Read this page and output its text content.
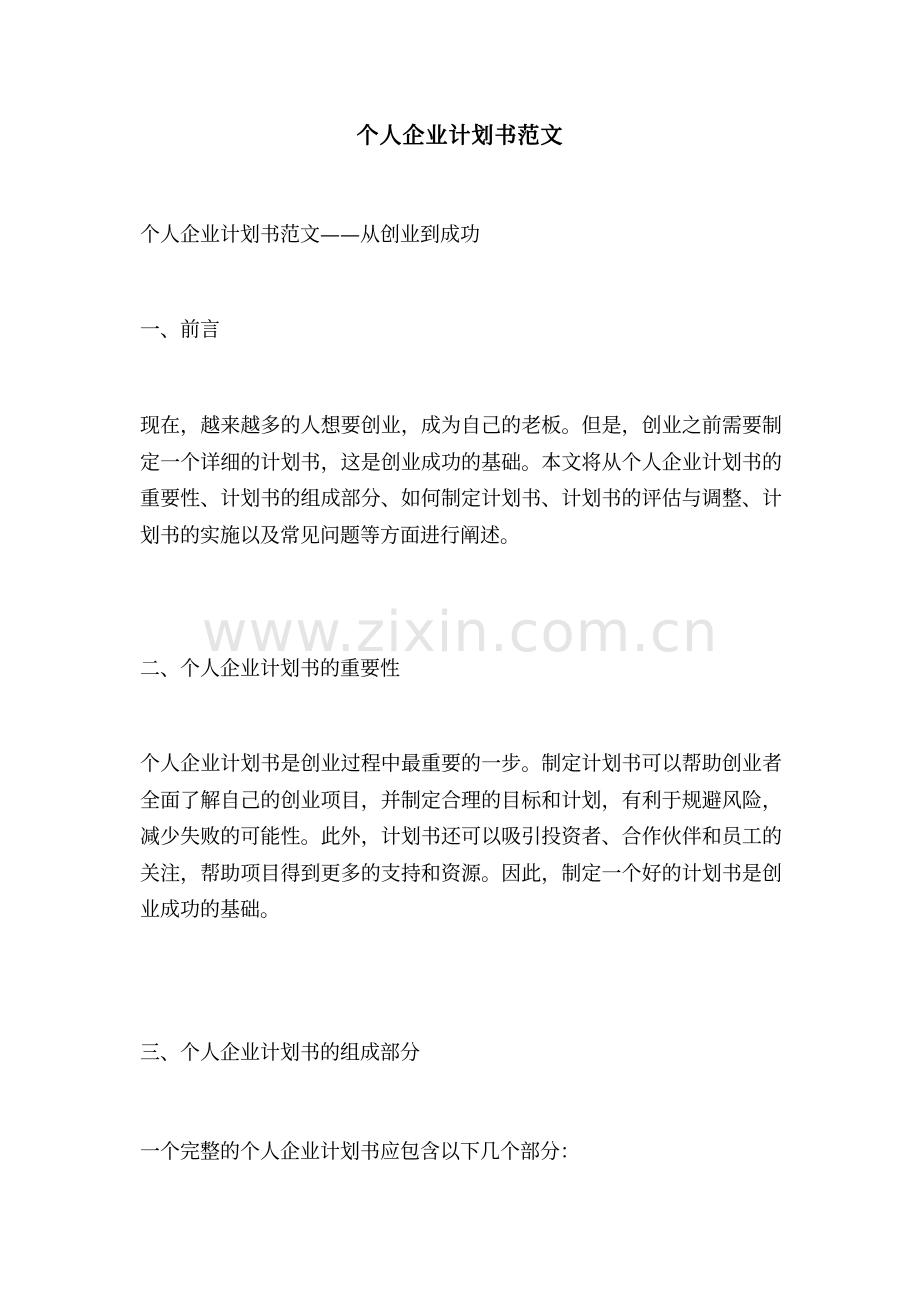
个人企业计划书范文
个人企业计划书范文——从创业到成功
一、前言
现在，越来越多的人想要创业，成为自己的老板。但是，创业之前需要制定一个详细的计划书，这是创业成功的基础。本文将从个人企业计划书的重要性、计划书的组成部分、如何制定计划书、计划书的评估与调整、计划书的实施以及常见问题等方面进行阐述。
二、个人企业计划书的重要性
个人企业计划书是创业过程中最重要的一步。制定计划书可以帮助创业者全面了解自己的创业项目，并制定合理的目标和计划，有利于规避风险，减少失败的可能性。此外，计划书还可以吸引投资者、合作伙伴和员工的关注，帮助项目得到更多的支持和资源。因此，制定一个好的计划书是创业成功的基础。
三、个人企业计划书的组成部分
一个完整的个人企业计划书应包含以下几个部分：
www.zixin.com.cn
